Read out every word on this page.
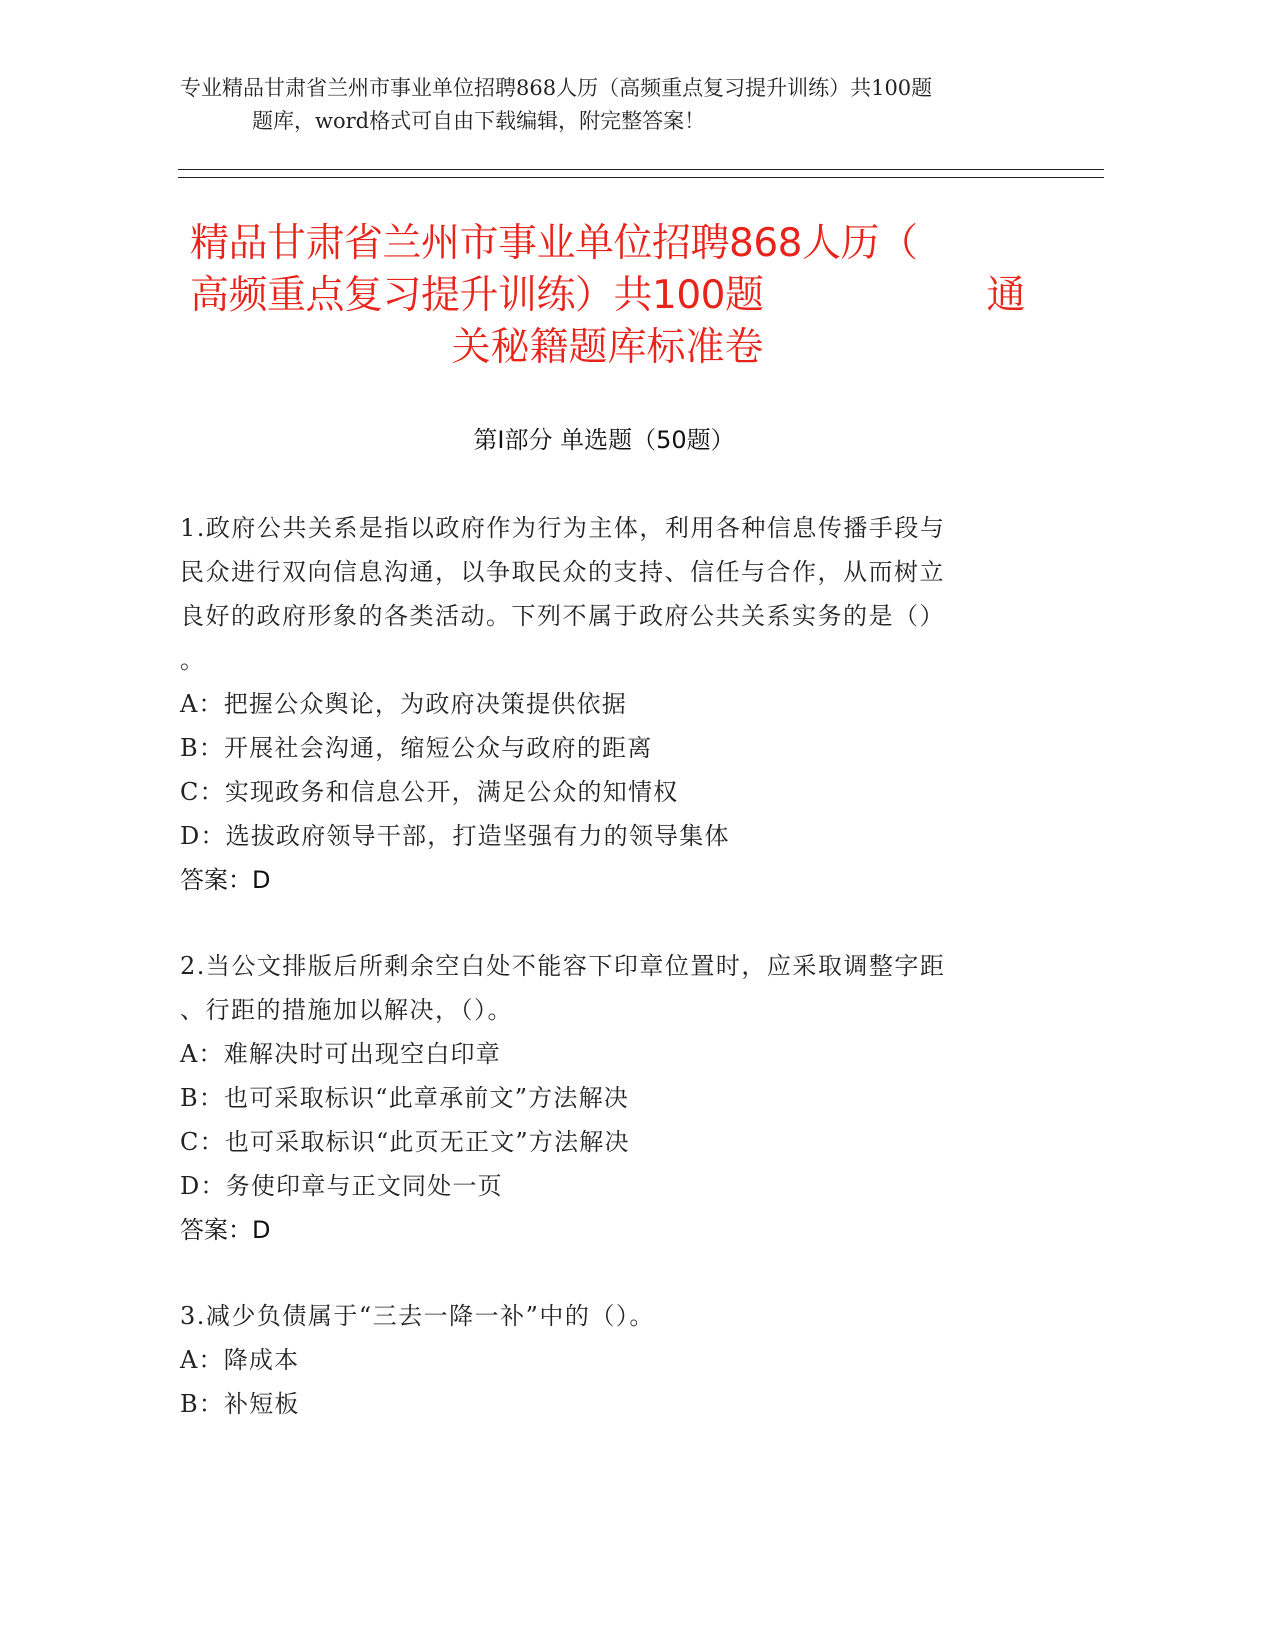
专业精品甘肃省兰州市事业单位招聘868人历（高频重点复习提升训练）共100题
题库，word格式可自由下载编辑，附完整答案！
精品甘肃省兰州市事业单位招聘868人历（
高频重点复习提升训练）共100题	通
关秘籍题库标准卷
第Ⅰ部分 单选题（50题）
1.政府公共关系是指以政府作为行为主体，利用各种信息传播手段与
民众进行双向信息沟通，以争取民众的支持、信任与合作，从而树立
良好的政府形象的各类活动。下列不属于政府公共关系实务的是（）
。
A：把握公众舆论，为政府决策提供依据
B：开展社会沟通，缩短公众与政府的距离
C：实现政务和信息公开，满足公众的知情权
D：选拔政府领导干部，打造坚强有力的领导集体
答案：D
2.当公文排版后所剩余空白处不能容下印章位置时，应采取调整字距
、行距的措施加以解决，（）。
A：难解决时可出现空白印章
B：也可采取标识“此章承前文”方法解决
C：也可采取标识“此页无正文”方法解决
D：务使印章与正文同处一页
答案：D
3.减少负债属于“三去一降一补”中的（）。
A：降成本
B：补短板
